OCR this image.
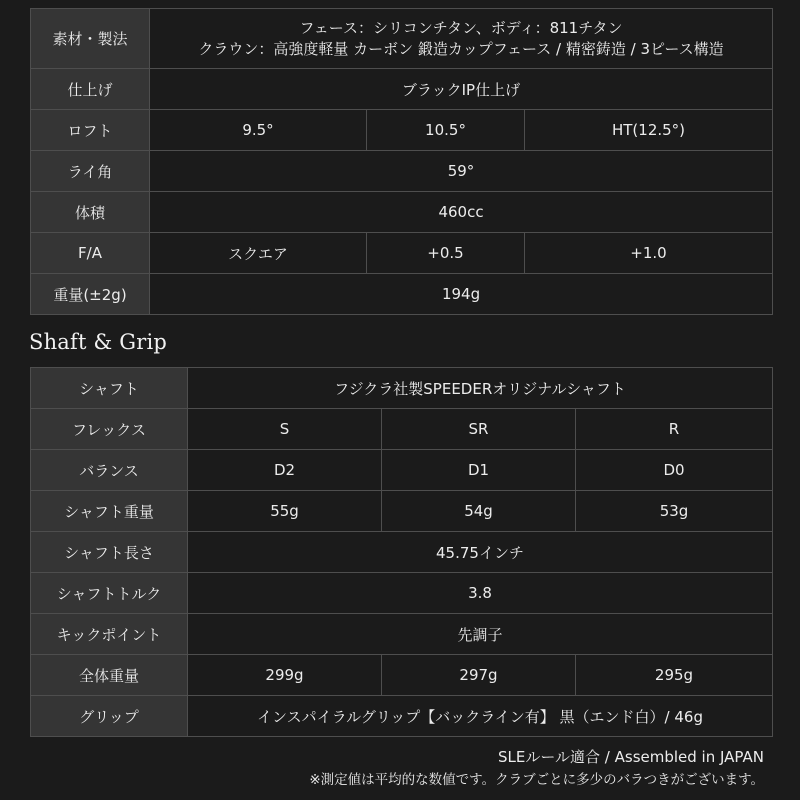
素材・製法	フェース：シリコンチタン、ボディ：811チタン
クラウン：高強度軽量 カーボン 鍛造カップフェース / 精密鋳造 / 3ピース構造		

仕上げ	ブラックIP仕上げ		
ロフト	9.5°	10.5°	HT(12.5°)
ライ角	59°		
体積	460cc		
F/A	スクエア	+0.5	+1.0
重量(±2g)	194g		
Shaft & Grip
シャフト	フジクラ社製SPEEDERオリジナルシャフト		
フレックス	S	SR	R
バランス	D2	D1	D0
シャフト重量	55g	54g	53g
シャフト長さ	45.75インチ		
シャフトトルク	3.8		
キックポイント	先調子		
全体重量	299g	297g	295g
グリップ	インスパイラルグリップ【バックライン有】 黒（エンド白）/ 46g		

SLEルール適合 / Assembled in JAPAN

※測定値は平均的な数値です。クラブごとに多少のバラつきがございます。
